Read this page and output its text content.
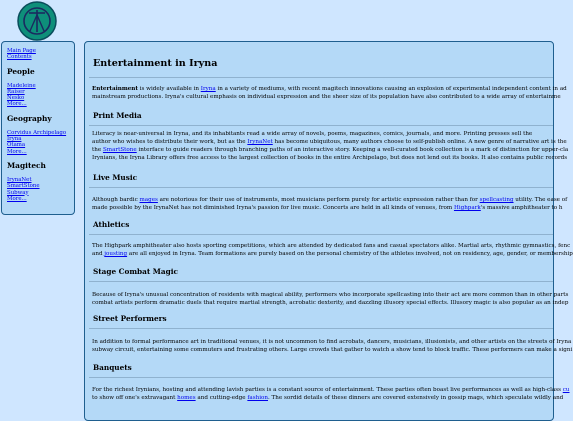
Main Page
Contents
People
Madeleine
Raiser
Nesko
More...
Geography
Corvidus Archipelago
Iryna
Otama
More...
Magitech
IrynaNet
SmartStone
Subway
More...
Entertainment in Iryna

Entertainment is widely available in Iryna in a variety of mediums, with recent magitech innovations causing an explosion of experimental independent content in ad

mainstream productions. Iryna's cultural emphasis on individual expression and the sheer size of its population have also contributed to a wide array of entertainme

Print Media

Literacy is near-universal in Iryna, and its inhabitants read a wide array of novels, poems, magazines, comics, journals, and more. Printing presses sell the

author who wishes to distribute their work, but as the IrynaNet has become ubiquitous, many authors choose to self-publish online. A new genre of narrative art is the

the SmartStone interface to guide readers through branching paths of an interactive story. Keeping a well-curated book collection is a mark of distinction for upper-cla

Irynians, the Iryna Library offers free access to the largest collection of books in the entire Archipelago, but does not lend out its books. It also contains public records

Live Music

Although bardic mages are notorious for their use of instruments, most musicians perform purely for artistic expression rather than for spellcasting utility. The ease of

made possible by the IrynaNet has not diminished Iryna's passion for live music. Concerts are held in all kinds of venues, from Highpark's massive amphitheater to h

Athletics

The Highpark amphitheater also hosts sporting competitions, which are attended by dedicated fans and casual spectators alike. Martial arts, rhythmic gymnastics, fenc

and jousting are all enjoyed in Iryna. Team formations are purely based on the personal chemistry of the athletes involved, not on residency, age, gender, or membership

Stage Combat Magic

Because of Iryna's unusual concentration of residents with magical ability, performers who incorporate spellcasting into their act are more common than in other parts

combat artists perform dramatic duels that require martial strength, acrobatic dexterity, and dazzling illusory special effects. Illusory magic is also popular as an indep

Street Performers

In addition to formal performance art in traditional venues, it is not uncommon to find acrobats, dancers, musicians, illusionists, and other artists on the streets of Iryna

subway circuit, entertaining some commuters and frustrating others. Large crowds that gather to watch a show tend to block traffic. These performers can make a signi

Banquets

For the richest Irynians, hosting and attending lavish parties is a constant source of entertainment. These parties often boast live performances as well as high-class cu

to show off one's extravagant homes and cutting-edge fashion. The sordid details of these dinners are covered extensively in gossip mags, which speculate wildly and
